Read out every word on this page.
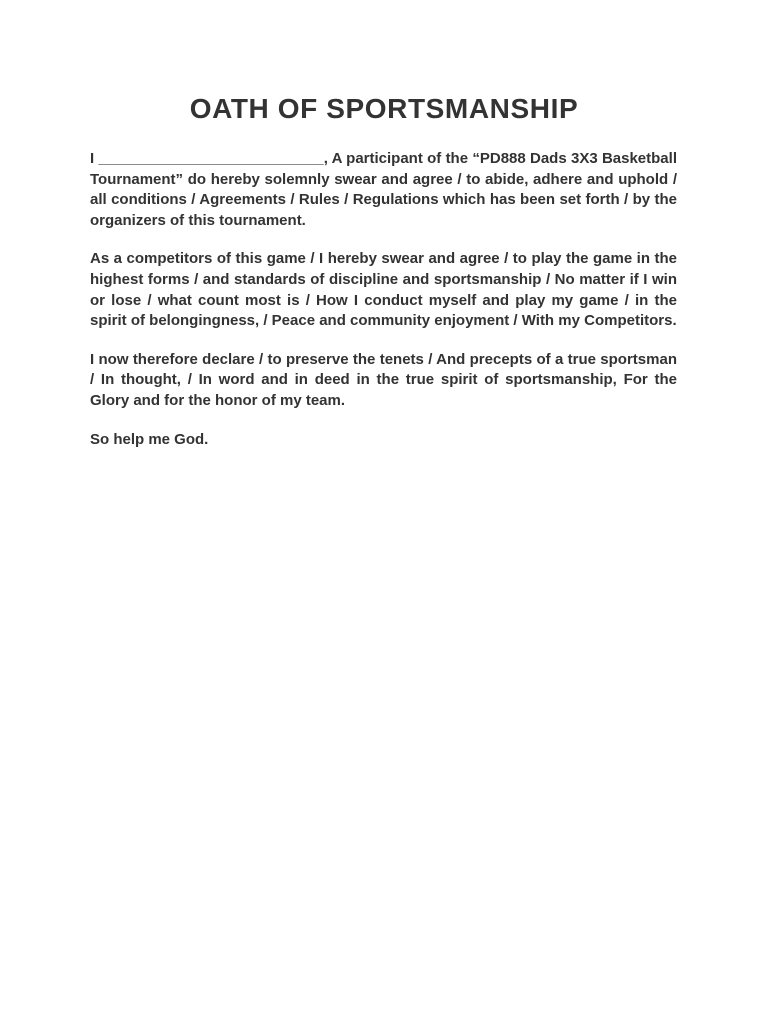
OATH OF SPORTSMANSHIP

I ___________________________, A participant of the “PD888 Dads 3X3 Basketball Tournament” do hereby solemnly swear and agree / to abide, adhere and uphold / all conditions / Agreements / Rules / Regulations which has been set forth / by the organizers of this tournament.

As a competitors of this game / I hereby swear and agree / to play the game in the highest forms / and standards of discipline and sportsmanship / No matter if I win or lose / what count most is / How I conduct myself and play my game / in the spirit of belongingness, / Peace and community enjoyment / With my Competitors.

I now therefore declare / to preserve the tenets / And precepts of a true sportsman / In thought, / In word and in deed in the true spirit of sportsmanship, For the Glory and for the honor of my team.

So help me God.
